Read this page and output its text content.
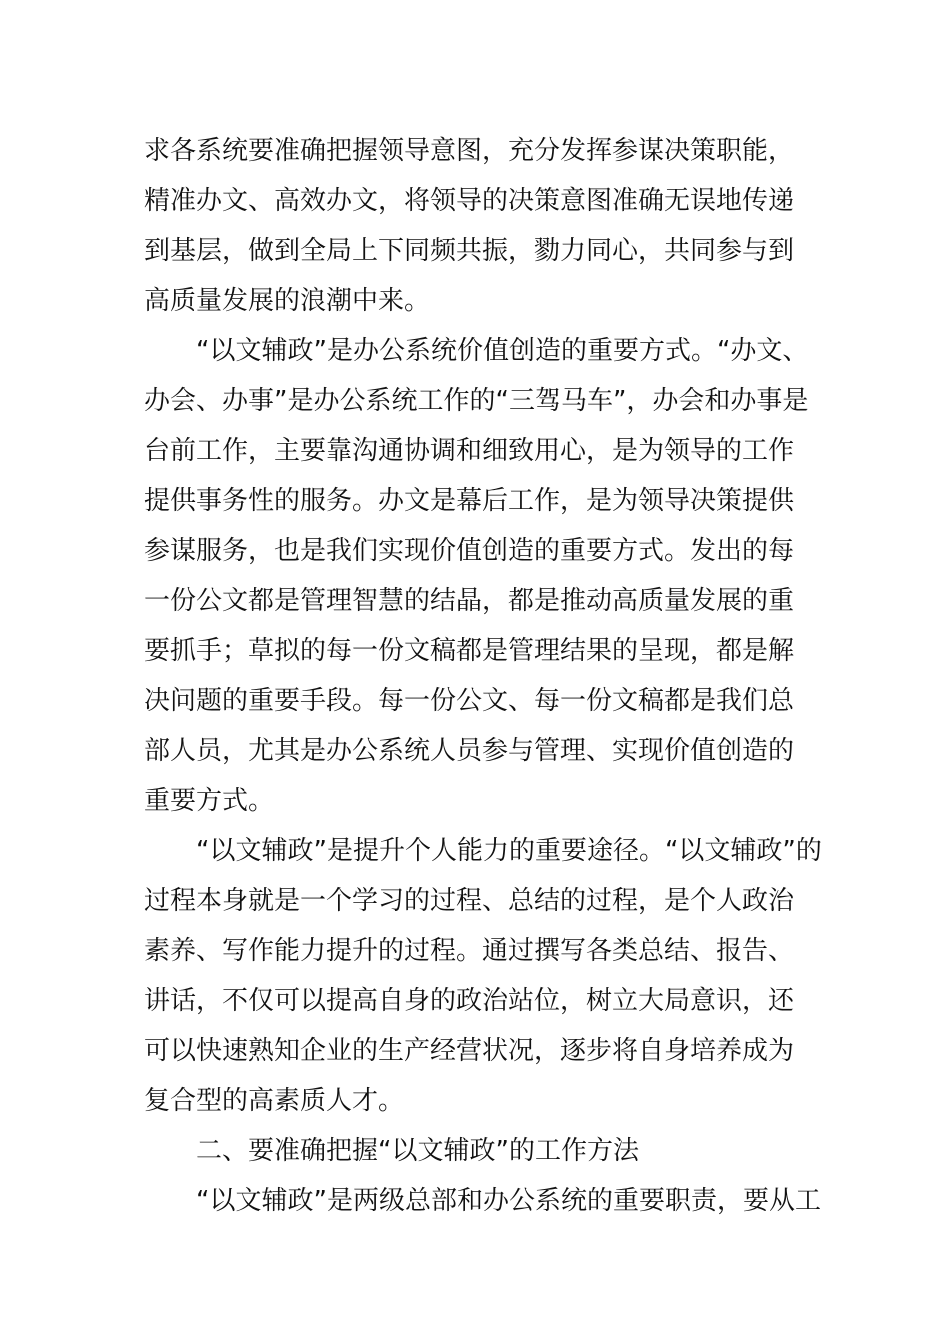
求各系统要准确把握领导意图，充分发挥参谋决策职能，
精准办文、高效办文，将领导的决策意图准确无误地传递
到基层，做到全局上下同频共振，勠力同心，共同参与到
高质量发展的浪潮中来。
“以文辅政”是办公系统价值创造的重要方式。“办文、
办会、办事”是办公系统工作的“三驾马车”，办会和办事是
台前工作，主要靠沟通协调和细致用心，是为领导的工作
提供事务性的服务。办文是幕后工作，是为领导决策提供
参谋服务，也是我们实现价值创造的重要方式。发出的每
一份公文都是管理智慧的结晶，都是推动高质量发展的重
要抓手；草拟的每一份文稿都是管理结果的呈现，都是解
决问题的重要手段。每一份公文、每一份文稿都是我们总
部人员，尤其是办公系统人员参与管理、实现价值创造的
重要方式。
“以文辅政”是提升个人能力的重要途径。“以文辅政”的
过程本身就是一个学习的过程、总结的过程，是个人政治
素养、写作能力提升的过程。通过撰写各类总结、报告、
讲话，不仅可以提高自身的政治站位，树立大局意识，还
可以快速熟知企业的生产经营状况，逐步将自身培养成为
复合型的高素质人才。
二、要准确把握“以文辅政”的工作方法
“以文辅政”是两级总部和办公系统的重要职责，要从工
